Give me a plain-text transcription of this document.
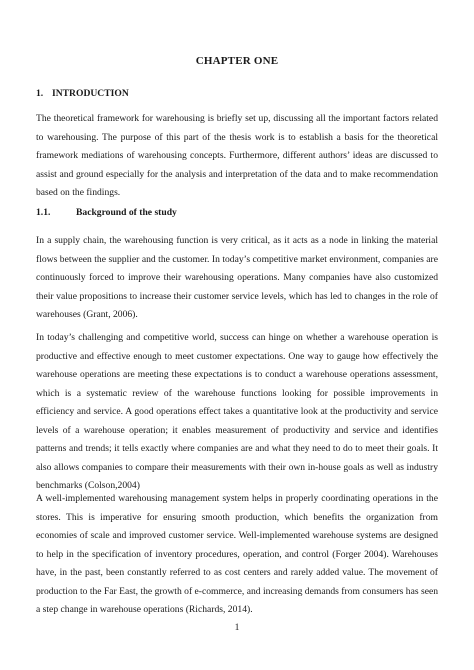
CHAPTER ONE
1. INTRODUCTION

The theoretical framework for warehousing is briefly set up, discussing all the important factors related to warehousing. The purpose of this part of the thesis work is to establish a basis for the theoretical framework mediations of warehousing concepts. Furthermore, different authors’ ideas are discussed to assist and ground especially for the analysis and interpretation of the data and to make recommendation based on the findings.

1.1.	Background of the study

In a supply chain, the warehousing function is very critical, as it acts as a node in linking the material flows between the supplier and the customer. In today’s competitive market environment, companies are continuously forced to improve their warehousing operations. Many companies have also customized their value propositions to increase their customer service levels, which has led to changes in the role of warehouses (Grant, 2006).

In today’s challenging and competitive world, success can hinge on whether a warehouse operation is productive and effective enough to meet customer expectations. One way to gauge how effectively the warehouse operations are meeting these expectations is to conduct a warehouse operations assessment, which is a systematic review of the warehouse functions looking for possible improvements in efficiency and service. A good operations effect takes a quantitative look at the productivity and service levels of a warehouse operation; it enables measurement of productivity and service and identifies patterns and trends; it tells exactly where companies are and what they need to do to meet their goals. It also allows companies to compare their measurements with their own in-house goals as well as industry benchmarks (Colson,2004)

A well-implemented warehousing management system helps in properly coordinating operations in the stores. This is imperative for ensuring smooth production, which benefits the organization from economies of scale and improved customer service. Well-implemented warehouse systems are designed to help in the specification of inventory procedures, operation, and control (Forger 2004). Warehouses have, in the past, been constantly referred to as cost centers and rarely added value. The movement of production to the Far East, the growth of e-commerce, and increasing demands from consumers has seen a step change in warehouse operations (Richards, 2014).

1
